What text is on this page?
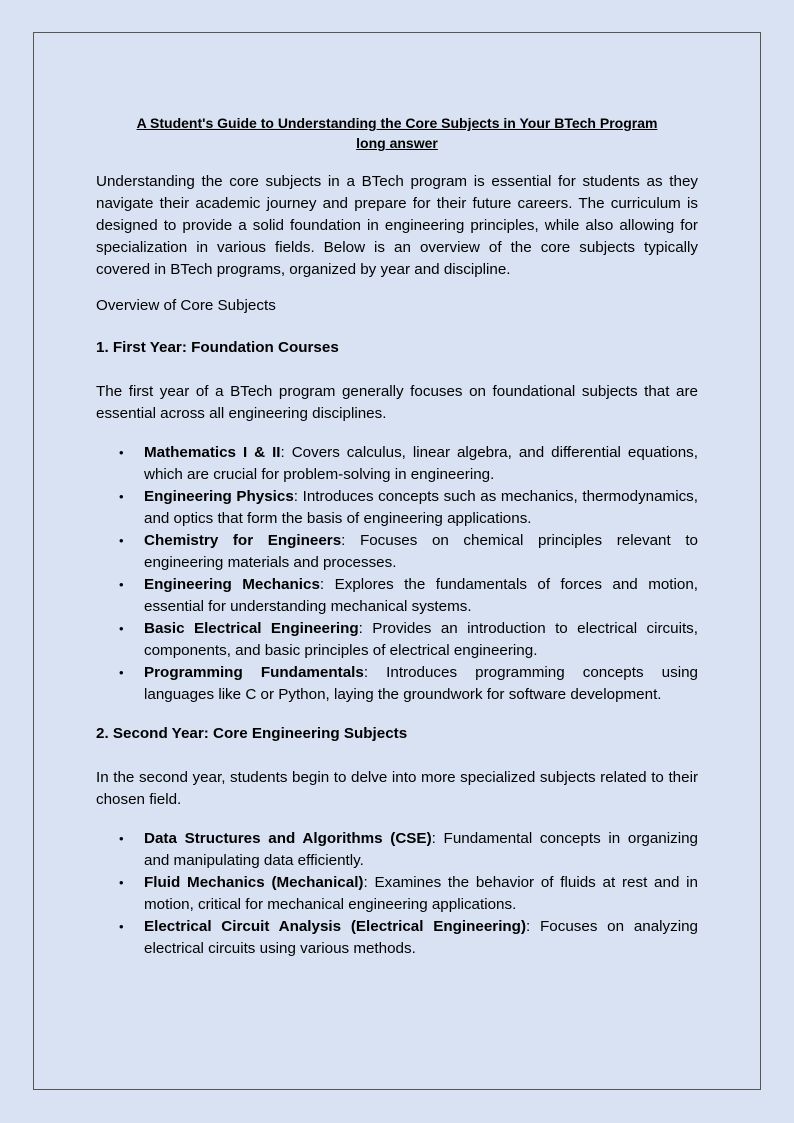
A Student's Guide to Understanding the Core Subjects in Your BTech Program
long answer

Understanding the core subjects in a BTech program is essential for students as they navigate their academic journey and prepare for their future careers. The curriculum is designed to provide a solid foundation in engineering principles, while also allowing for specialization in various fields. Below is an overview of the core subjects typically covered in BTech programs, organized by year and discipline.

Overview of Core Subjects

1. First Year: Foundation Courses

The first year of a BTech program generally focuses on foundational subjects that are essential across all engineering disciplines.

• Mathematics I & II: Covers calculus, linear algebra, and differential equations, which are crucial for problem-solving in engineering.
• Engineering Physics: Introduces concepts such as mechanics, thermodynamics, and optics that form the basis of engineering applications.
• Chemistry for Engineers: Focuses on chemical principles relevant to engineering materials and processes.
• Engineering Mechanics: Explores the fundamentals of forces and motion, essential for understanding mechanical systems.
• Basic Electrical Engineering: Provides an introduction to electrical circuits, components, and basic principles of electrical engineering.
• Programming Fundamentals: Introduces programming concepts using languages like C or Python, laying the groundwork for software development.
2. Second Year: Core Engineering Subjects

In the second year, students begin to delve into more specialized subjects related to their chosen field.

• Data Structures and Algorithms (CSE): Fundamental concepts in organizing and manipulating data efficiently.
• Fluid Mechanics (Mechanical): Examines the behavior of fluids at rest and in motion, critical for mechanical engineering applications.
• Electrical Circuit Analysis (Electrical Engineering): Focuses on analyzing electrical circuits using various methods.
